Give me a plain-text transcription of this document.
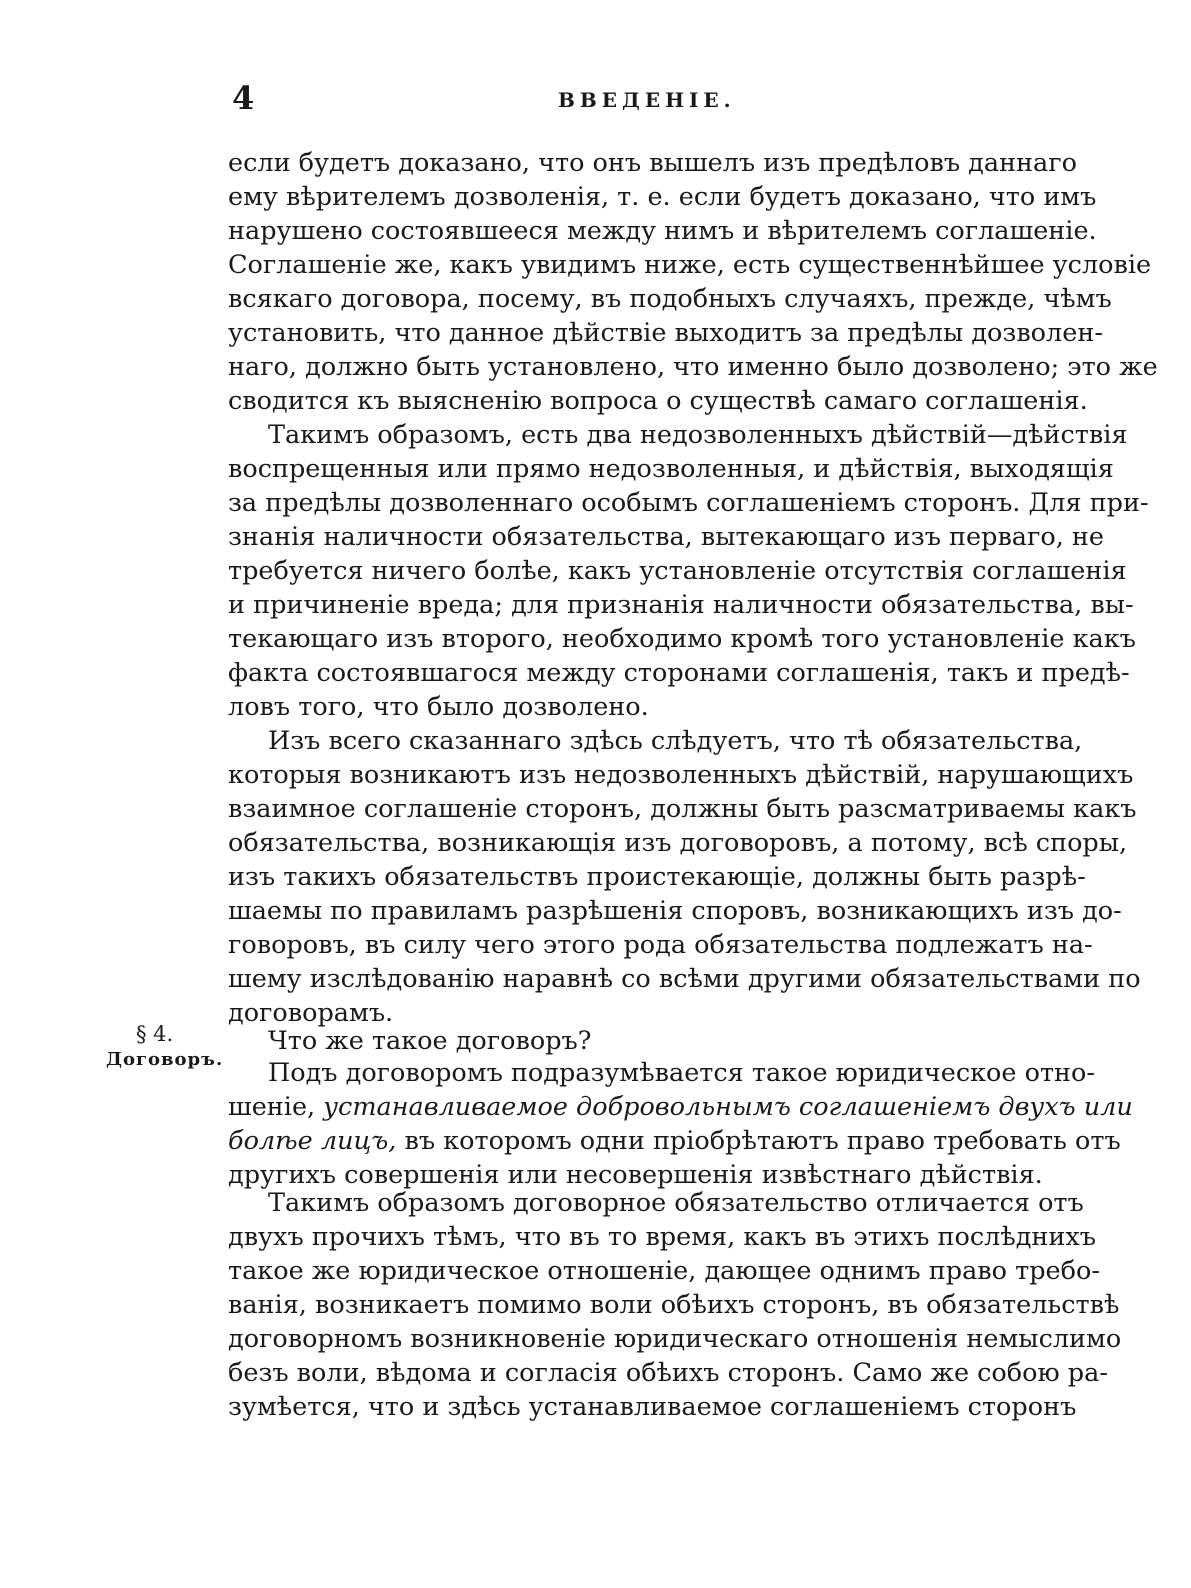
4	ВВЕДЕНІЕ.
§ 4.
Договоръ.

если будетъ доказано, что онъ вышелъ изъ предѣловъ даннаго

ему вѣрителемъ дозволенія, т. е. если будетъ доказано, что имъ

нарушено состоявшееся между нимъ и вѣрителемъ соглашеніе.

Соглашеніе же, какъ увидимъ ниже, есть существеннѣйшее условіе

всякаго договора, посему, въ подобныхъ случаяхъ, прежде, чѣмъ

установить, что данное дѣйствіе выходитъ за предѣлы дозволен-

наго, должно быть установлено, что именно было дозволено; это же

сводится къ выясненію вопроса о существѣ самаго соглашенія.

Такимъ образомъ, есть два недозволенныхъ дѣйствій—дѣйствія

воспрещенныя или прямо недозволенныя, и дѣйствія, выходящія

за предѣлы дозволеннаго особымъ соглашеніемъ сторонъ. Для при-

знанія наличности обязательства, вытекающаго изъ перваго, не

требуется ничего болѣе, какъ установленіе отсутствія соглашенія

и причиненіе вреда; для признанія наличности обязательства, вы-

текающаго изъ второго, необходимо кромѣ того установленіе какъ

факта состоявшагося между сторонами соглашенія, такъ и предѣ-

ловъ того, что было дозволено.

Изъ всего сказаннаго здѣсь слѣдуетъ, что тѣ обязательства,

которыя возникаютъ изъ недозволенныхъ дѣйствій, нарушающихъ

взаимное соглашеніе сторонъ, должны быть разсматриваемы какъ

обязательства, возникающія изъ договоровъ, а потому, всѣ споры,

изъ такихъ обязательствъ проистекающіе, должны быть разрѣ-

шаемы по правиламъ разрѣшенія споровъ, возникающихъ изъ до-

говоровъ, въ силу чего этого рода обязательства подлежатъ на-

шему изслѣдованію наравнѣ со всѣми другими обязательствами по

договорамъ.

Что же такое договоръ?

Подъ договоромъ подразумѣвается такое юридическое отно-

шеніе, устанавливаемое добровольнымъ соглашеніемъ двухъ или

болѣе лицъ, въ которомъ одни пріобрѣтаютъ право требовать отъ

другихъ совершенія или несовершенія извѣстнаго дѣйствія.

Такимъ образомъ договорное обязательство отличается отъ

двухъ прочихъ тѣмъ, что въ то время, какъ въ этихъ послѣднихъ

такое же юридическое отношеніе, дающее однимъ право требо-

ванія, возникаетъ помимо воли обѣихъ сторонъ, въ обязательствѣ

договорномъ возникновеніе юридическаго отношенія немыслимо

безъ воли, вѣдома и согласія обѣихъ сторонъ. Само же собою ра-

зумѣется, что и здѣсь устанавливаемое соглашеніемъ сторонъ
